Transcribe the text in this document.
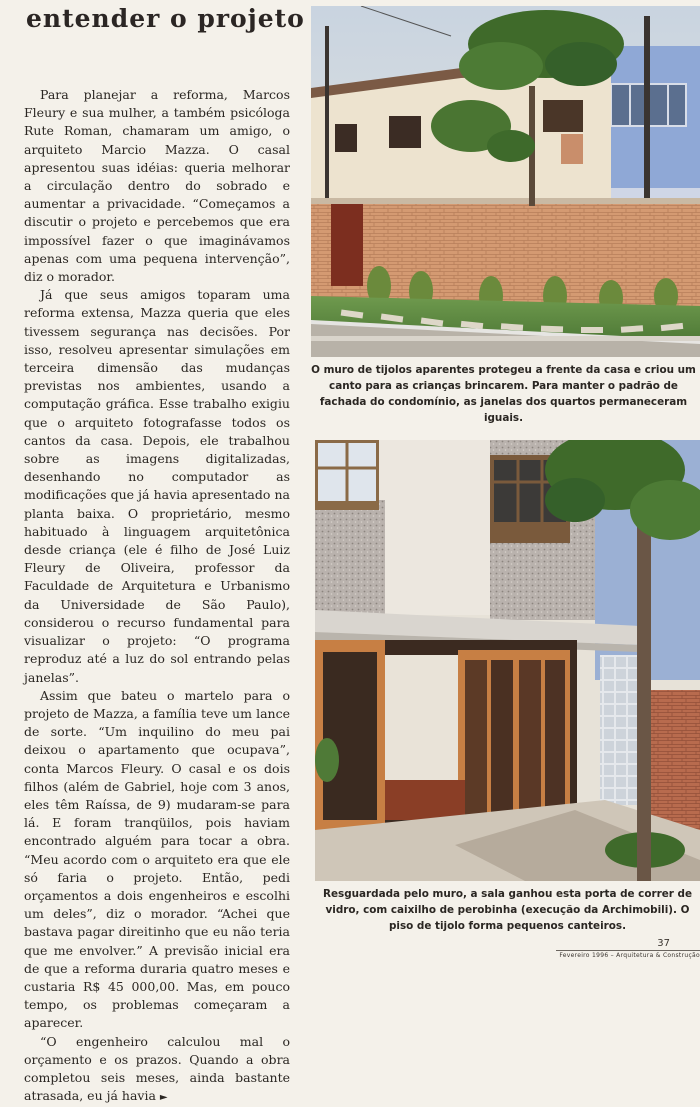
entender o projeto

Para planejar a reforma, Marcos Fleury e sua mulher, a também psicóloga Rute Roman, chamaram um amigo, o arquiteto Marcio Mazza. O casal apresentou suas idéias: queria melhorar a circulação dentro do sobrado e aumentar a privacidade. “Começamos a discutir o projeto e percebemos que era impossível fazer o que imaginávamos apenas com uma pequena intervenção”, diz o morador.

Já que seus amigos toparam uma reforma extensa, Mazza queria que eles tivessem segurança nas decisões. Por isso, resolveu apresentar simulações em terceira dimensão das mudanças previstas nos ambientes, usando a computação gráfica. Esse trabalho exigiu que o arquiteto fotografasse todos os cantos da casa. Depois, ele trabalhou sobre as imagens digitalizadas, desenhando no computador as modificações que já havia apresentado na planta baixa. O proprietário, mesmo habituado à linguagem arquitetônica desde criança (ele é filho de José Luiz Fleury de Oliveira, professor da Faculdade de Arquitetura e Urbanismo da Universidade de São Paulo), considerou o recurso fundamental para visualizar o projeto: “O programa reproduz até a luz do sol entrando pelas janelas”.

Assim que bateu o martelo para o projeto de Mazza, a família teve um lance de sorte. “Um inquilino do meu pai deixou o apartamento que ocupava”, conta Marcos Fleury. O casal e os dois filhos (além de Gabriel, hoje com 3 anos, eles têm Raíssa, de 9) mudaram-se para lá. E foram tranqüilos, pois haviam encontrado alguém para tocar a obra. “Meu acordo com o arquiteto era que ele só faria o projeto. Então, pedi orçamentos a dois engenheiros e escolhi um deles”, diz o morador. “Achei que bastava pagar direitinho que eu não teria que me envolver.” A previsão inicial era de que a reforma duraria quatro meses e custaria R$ 45 000,00. Mas, em pouco tempo, os problemas começaram a aparecer.

“O engenheiro calculou mal o orçamento e os prazos. Quando a obra completou seis meses, ainda bastante atrasada, eu já havia ►

O muro de tijolos aparentes protegeu a frente da casa e criou um canto para as crianças brincarem. Para manter o padrão de fachada do condomínio, as janelas dos quartos permaneceram iguais.

Resguardada pelo muro, a sala ganhou esta porta de correr de vidro, com caixilho de perobinha (execução da Archimobili). O piso de tijolo forma pequenos canteiros.

37
Fevereiro 1996 – Arquitetura & Construção
